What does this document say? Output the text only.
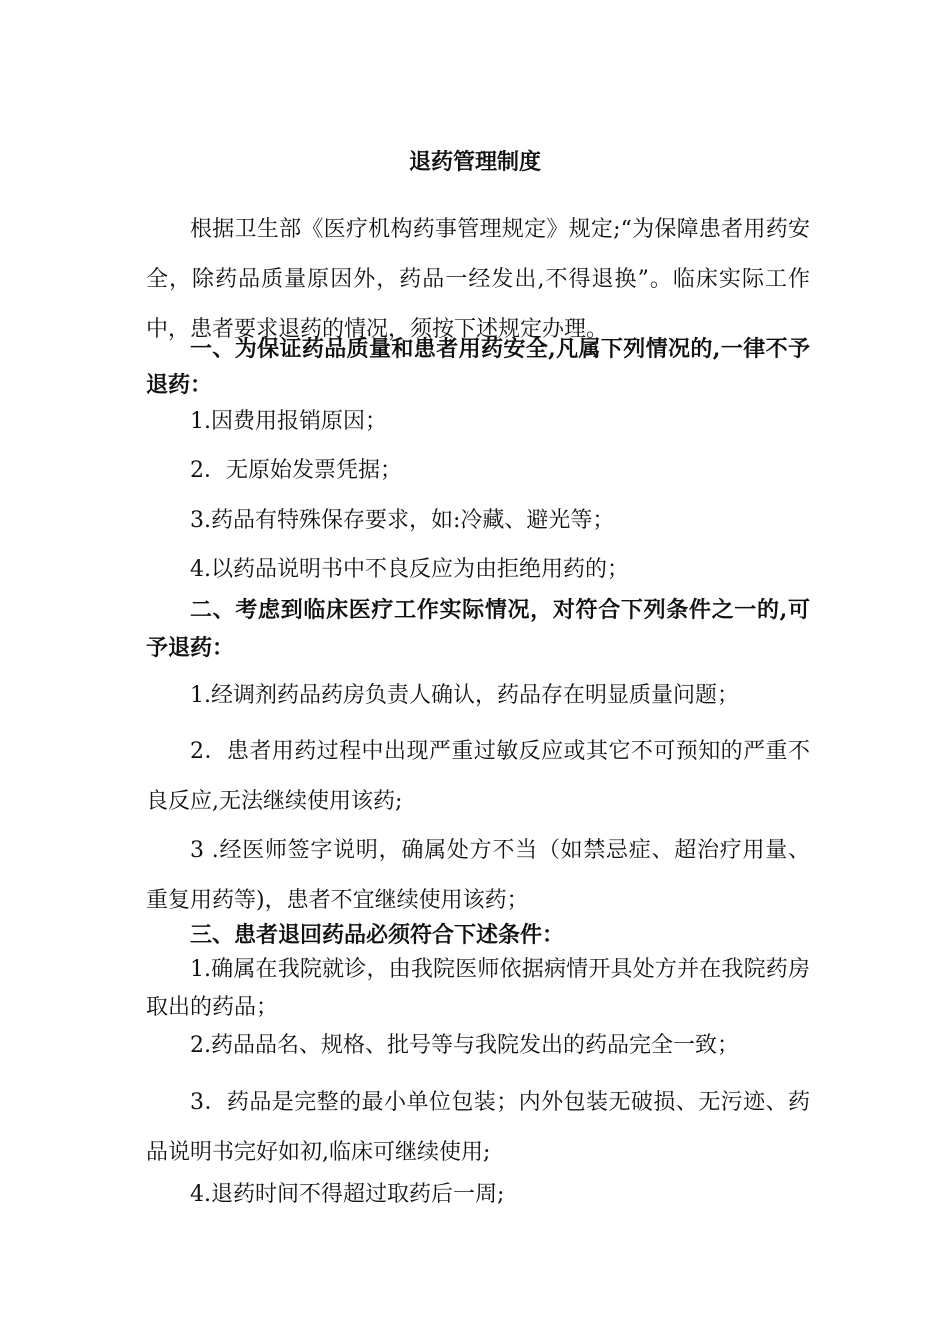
退药管理制度

根据卫生部《医疗机构药事管理规定》规定;“为保障患者用药安全，除药品质量原因外，药品一经发出,不得退换”。临床实际工作中，患者要求退药的情况，须按下述规定办理。

一、为保证药品质量和患者用药安全,凡属下列情况的,一律不予退药：

1.因费用报销原因；

2．无原始发票凭据；

3.药品有特殊保存要求，如:冷藏、避光等；

4.以药品说明书中不良反应为由拒绝用药的；

二、考虑到临床医疗工作实际情况，对符合下列条件之一的,可予退药：

1.经调剂药品药房负责人确认，药品存在明显质量问题；

2．患者用药过程中出现严重过敏反应或其它不可预知的严重不良反应,无法继续使用该药;

3 .经医师签字说明，确属处方不当（如禁忌症、超治疗用量、重复用药等)，患者不宜继续使用该药；

三、患者退回药品必须符合下述条件：

1.确属在我院就诊，由我院医师依据病情开具处方并在我院药房取出的药品；

2.药品品名、规格、批号等与我院发出的药品完全一致；

3．药品是完整的最小单位包装；内外包装无破损、无污迹、药品说明书完好如初,临床可继续使用;

4.退药时间不得超过取药后一周;
